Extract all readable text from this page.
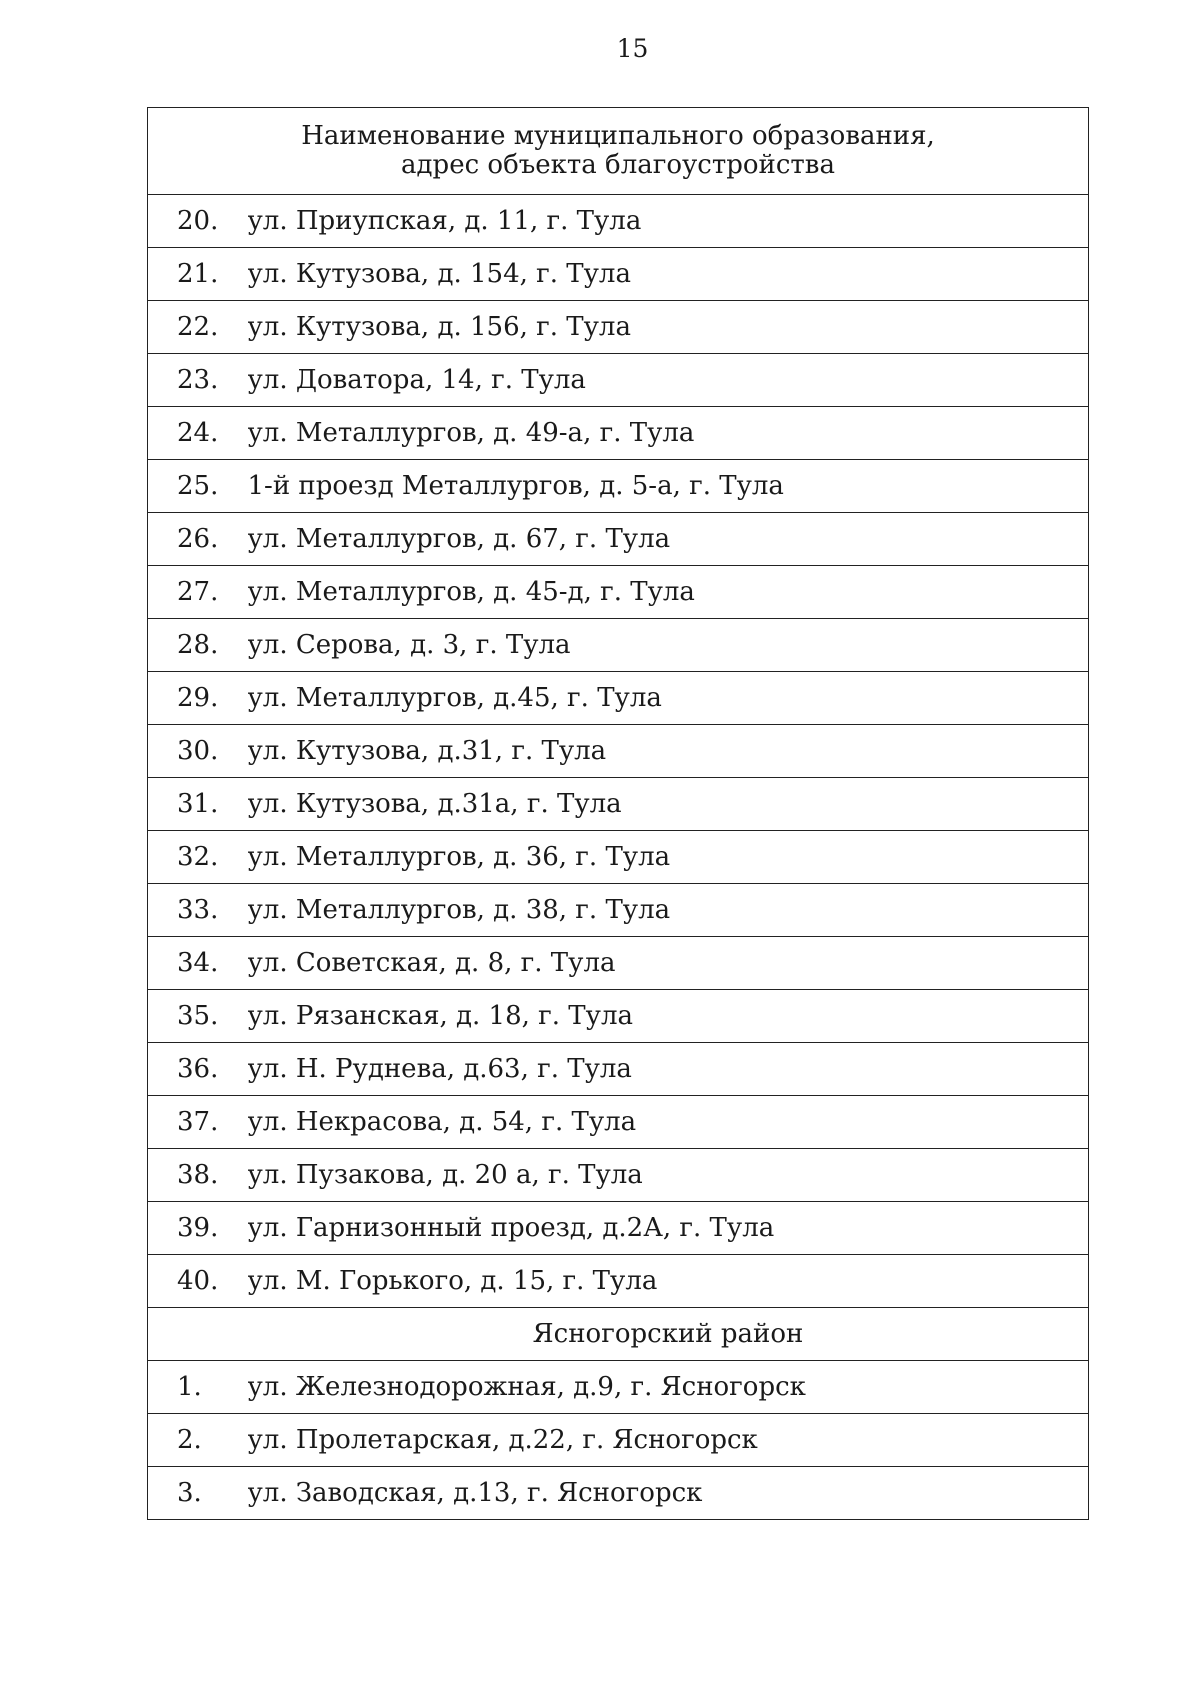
15
Наименование муниципального образования,
адрес объекта благоустройства	

20.	ул. Приупская, д. 11, г. Тула
21.	ул. Кутузова, д. 154, г. Тула
22.	ул. Кутузова, д. 156, г. Тула
23.	ул. Доватора, 14, г. Тула
24.	ул. Металлургов, д. 49-а, г. Тула
25.	1-й проезд Металлургов, д. 5-а, г. Тула
26.	ул. Металлургов, д. 67, г. Тула
27.	ул. Металлургов, д. 45-д, г. Тула
28.	ул. Серова, д. 3, г. Тула
29.	ул. Металлургов, д.45, г. Тула
30.	ул. Кутузова, д.31, г. Тула
31.	ул. Кутузова, д.31а, г. Тула
32.	ул. Металлургов, д. 36, г. Тула
33.	ул. Металлургов, д. 38, г. Тула
34.	ул. Советская, д. 8, г. Тула
35.	ул. Рязанская, д. 18, г. Тула
36.	ул. Н. Руднева, д.63, г. Тула
37.	ул. Некрасова, д. 54, г. Тула
38.	ул. Пузакова, д. 20 а, г. Тула
39.	ул. Гарнизонный проезд, д.2А, г. Тула
40.	ул. М. Горького, д. 15, г. Тула
Ясногорский район	
1.	ул. Железнодорожная, д.9, г. Ясногорск
2.	ул. Пролетарская, д.22, г. Ясногорск
3.	ул. Заводская, д.13, г. Ясногорск
